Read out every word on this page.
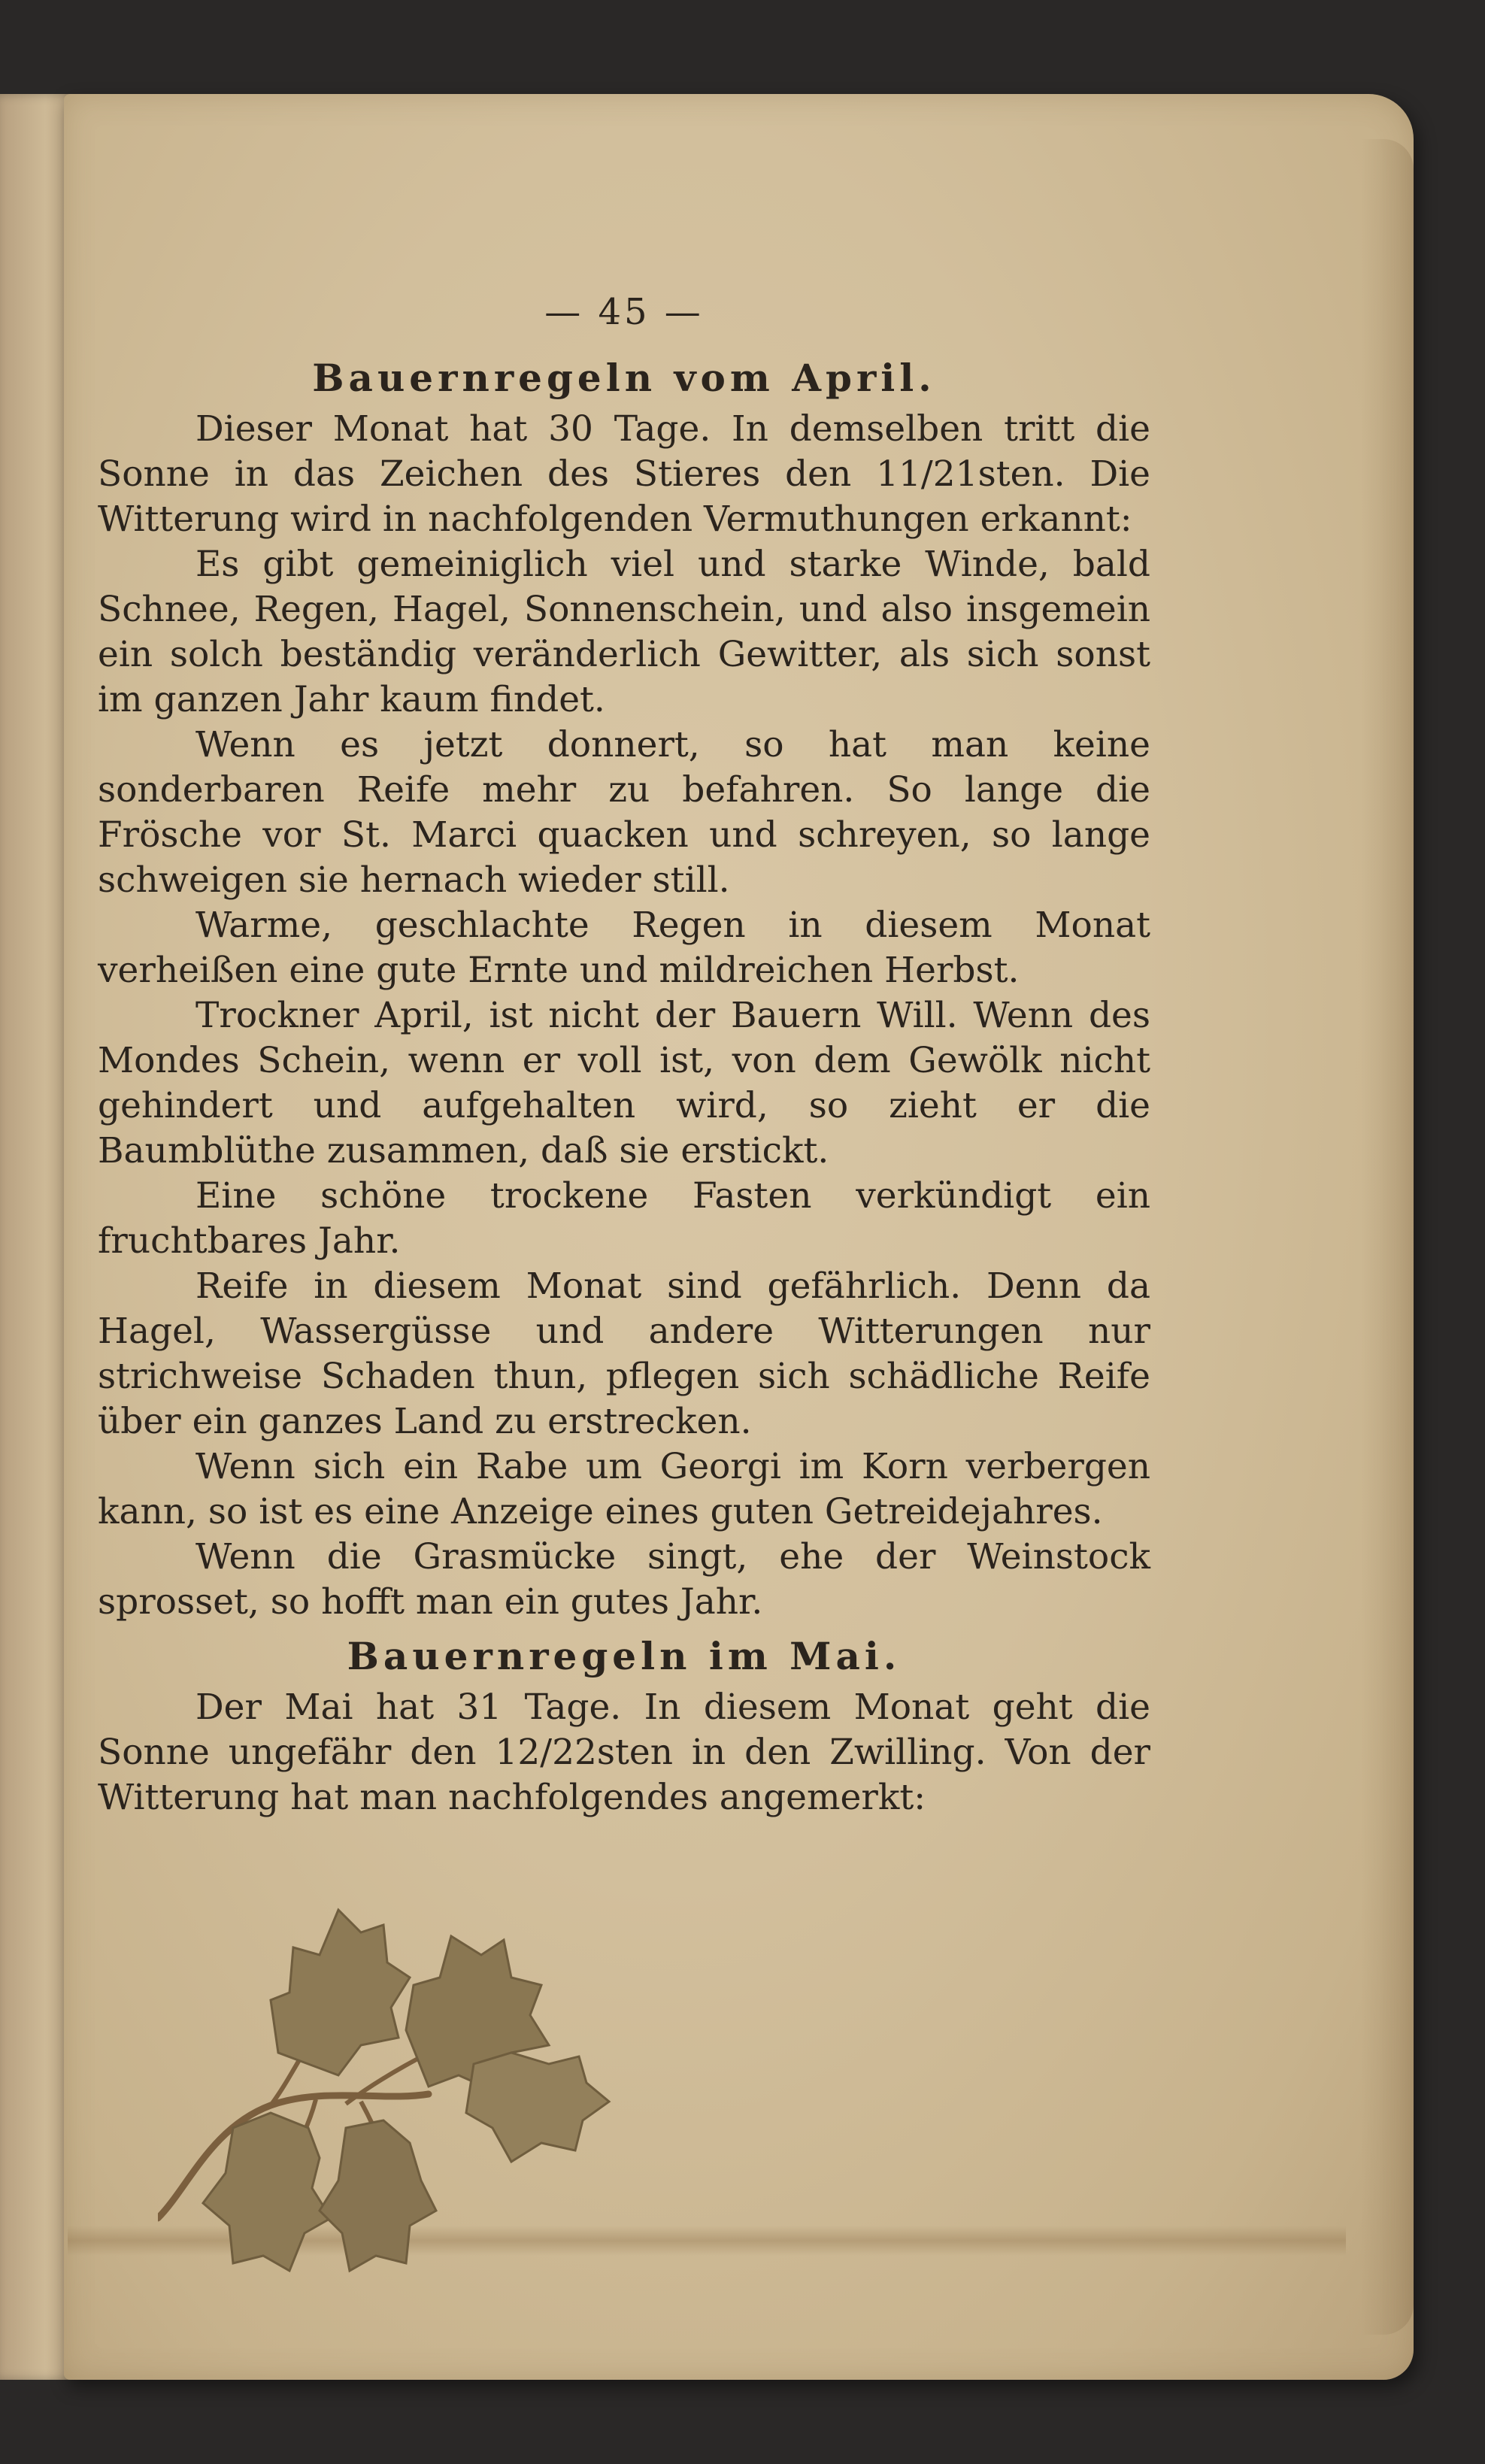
— 45 —
Bauernregeln vom April.

Dieser Monat hat 30 Tage. In demselben tritt die Sonne in das Zeichen des Stieres den 11/21sten. Die Witterung wird in nachfolgenden Vermuthungen erkannt:

Es gibt gemeiniglich viel und starke Winde, bald Schnee, Regen, Hagel, Sonnenschein, und also insgemein ein solch beständig veränderlich Gewitter, als sich sonst im ganzen Jahr kaum findet.

Wenn es jetzt donnert, so hat man keine sonderbaren Reife mehr zu befahren. So lange die Frösche vor St. Marci quacken und schreyen, so lange schweigen sie hernach wieder still.

Warme, geschlachte Regen in diesem Monat verheißen eine gute Ernte und mildreichen Herbst.

Trockner April, ist nicht der Bauern Will. Wenn des Mondes Schein, wenn er voll ist, von dem Gewölk nicht gehindert und aufgehalten wird, so zieht er die Baumblüthe zusammen, daß sie erstickt.

Eine schöne trockene Fasten verkündigt ein fruchtbares Jahr.

Reife in diesem Monat sind gefährlich. Denn da Hagel, Wassergüsse und andere Witterungen nur strichweise Schaden thun, pflegen sich schädliche Reife über ein ganzes Land zu erstrecken.

Wenn sich ein Rabe um Georgi im Korn verbergen kann, so ist es eine Anzeige eines guten Getreidejahres.

Wenn die Grasmücke singt, ehe der Weinstock sprosset, so hofft man ein gutes Jahr.

Bauernregeln im Mai.

Der Mai hat 31 Tage. In diesem Monat geht die Sonne ungefähr den 12/22sten in den Zwilling. Von der Witterung hat man nachfolgendes angemerkt:
